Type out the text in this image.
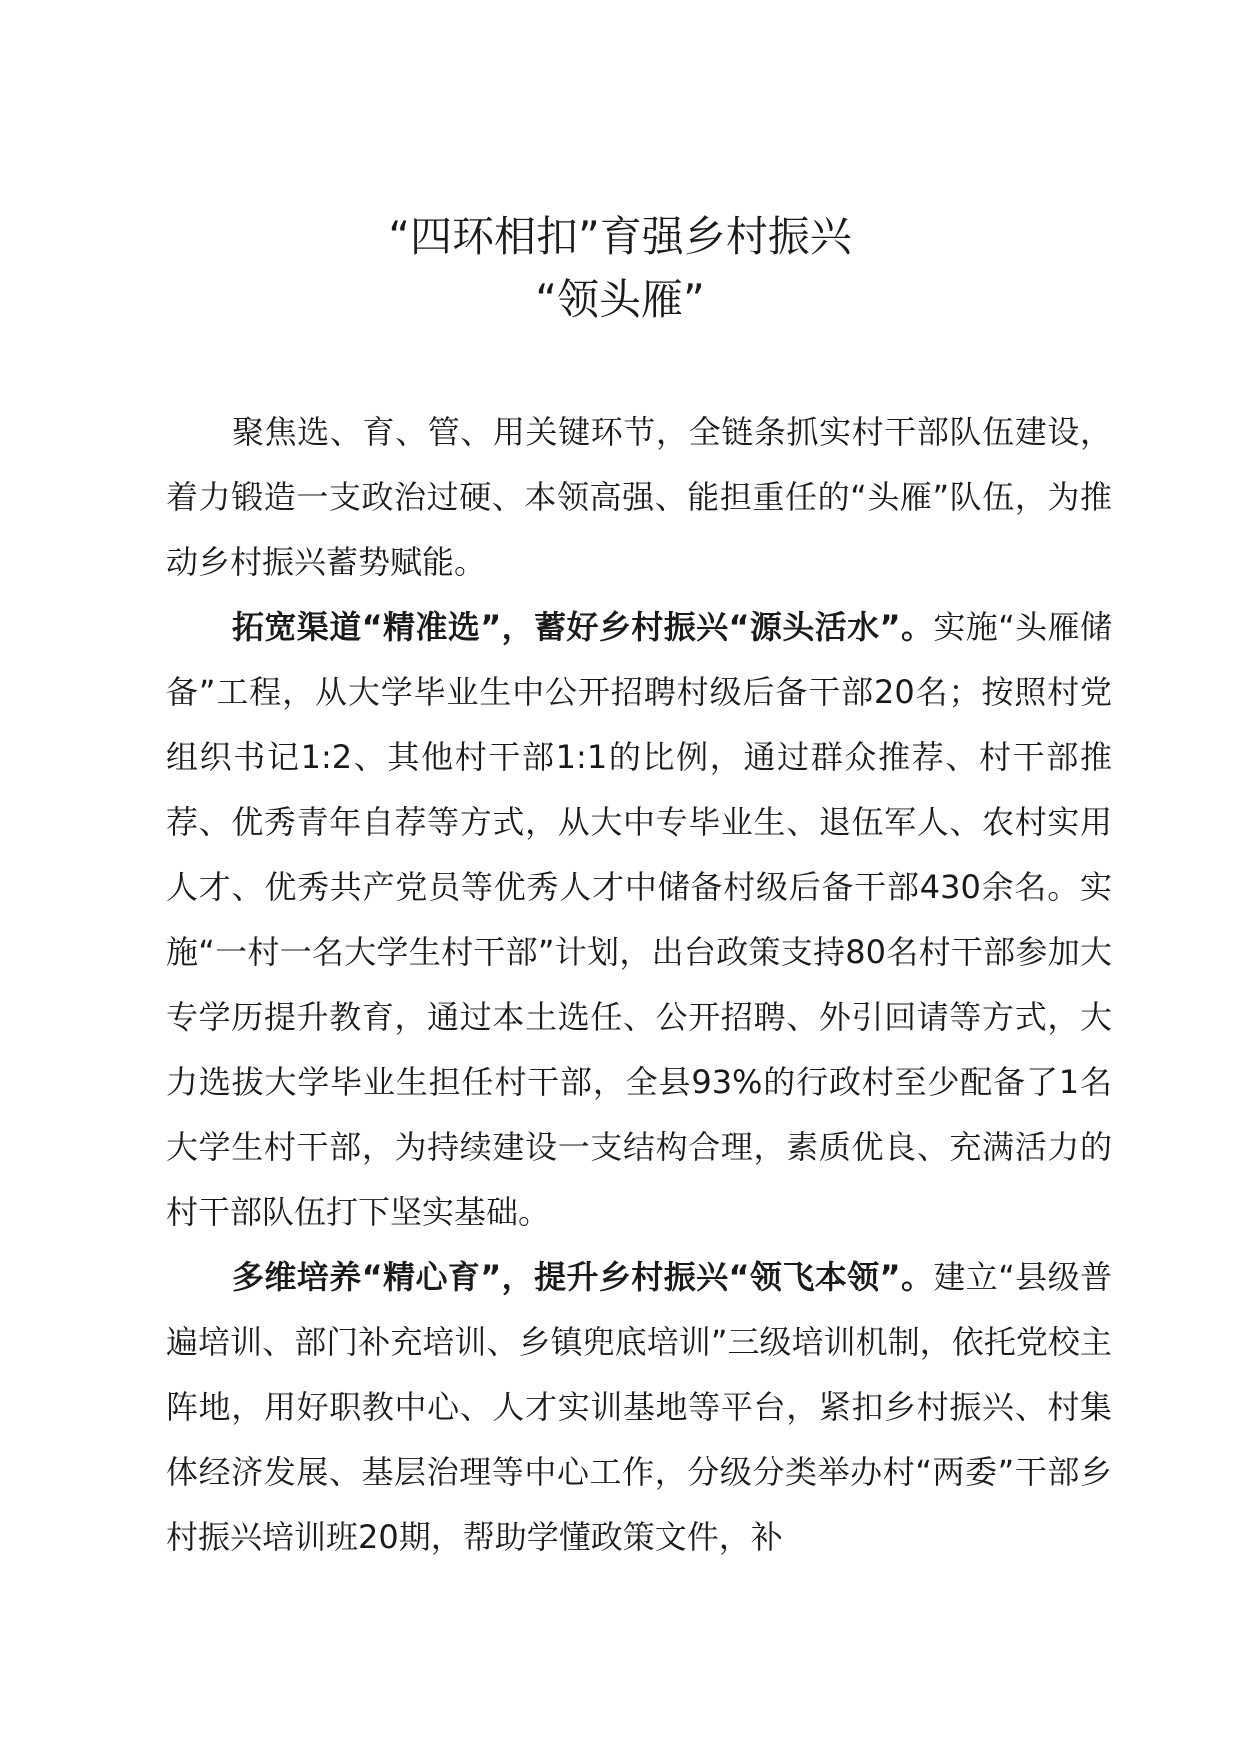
“四环相扣”育强乡村振兴
“领头雁”

聚焦选、育、管、用关键环节，全链条抓实村干部队伍建设，着力锻造一支政治过硬、本领高强、能担重任的“头雁”队伍，为推动乡村振兴蓄势赋能。

拓宽渠道“精准选”，蓄好乡村振兴“源头活水”。实施“头雁储备”工程，从大学毕业生中公开招聘村级后备干部20名；按照村党组织书记1:2、其他村干部1:1的比例，通过群众推荐、村干部推荐、优秀青年自荐等方式，从大中专毕业生、退伍军人、农村实用人才、优秀共产党员等优秀人才中储备村级后备干部430余名。实施“一村一名大学生村干部”计划，出台政策支持80名村干部参加大专学历提升教育，通过本土选任、公开招聘、外引回请等方式，大力选拔大学毕业生担任村干部，全县93%的行政村至少配备了1名大学生村干部，为持续建设一支结构合理，素质优良、充满活力的村干部队伍打下坚实基础。

多维培养“精心育”，提升乡村振兴“领飞本领”。建立“县级普遍培训、部门补充培训、乡镇兜底培训”三级培训机制，依托党校主阵地，用好职教中心、人才实训基地等平台，紧扣乡村振兴、村集体经济发展、基层治理等中心工作，分级分类举办村“两委”干部乡村振兴培训班20期，帮助学懂政策文件，补
